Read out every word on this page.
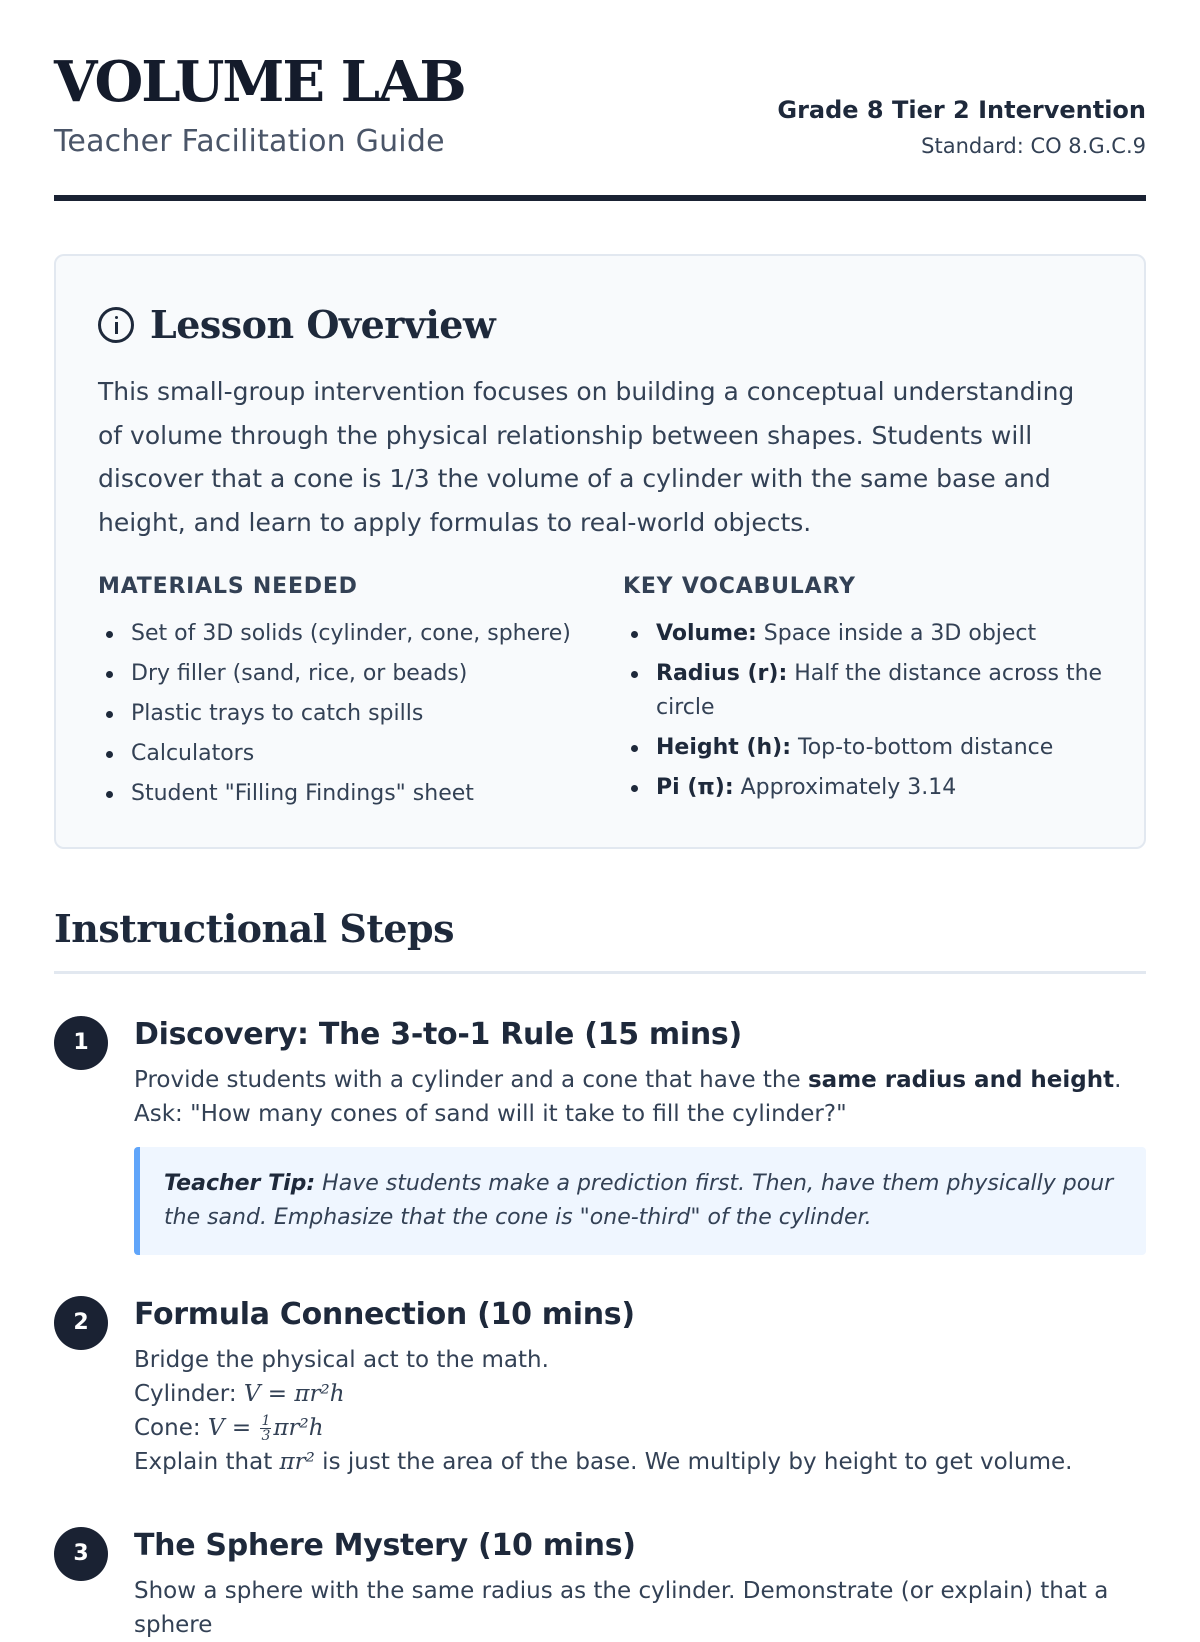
VOLUME LAB
Teacher Facilitation Guide
Grade 8 Tier 2 Intervention
Standard: CO 8.G.C.9
Lesson Overview

This small-group intervention focuses on building a conceptual understanding of volume through the physical relationship between shapes. Students will discover that a cone is 1/3 the volume of a cylinder with the same base and height, and learn to apply formulas to real-world objects.

MATERIALS NEEDED
Set of 3D solids (cylinder, cone, sphere)
Dry filler (sand, rice, or beads)
Plastic trays to catch spills
Calculators
Student "Filling Findings" sheet
KEY VOCABULARY
Volume: Space inside a 3D object
Radius (r): Half the distance across the circle
Height (h): Top-to-bottom distance
Pi (π): Approximately 3.14
Instructional Steps
1	Discovery: The 3-to-1 Rule (15 mins)

Provide students with a cylinder and a cone that have the same radius and height. Ask: "How many cones of sand will it take to fill the cylinder?"

Teacher Tip: Have students make a prediction first. Then, have them physically pour the sand. Emphasize that the cone is "one-third" of the cylinder.
2	Formula Connection (10 mins)
Bridge the physical act to the math.
Cylinder: V = πr²h
Cone: $V = \frac{1}{3} \pi r^2h$
Explain that πr² is just the area of the base. We multiply by height to get volume.
3	The Sphere Mystery (10 mins)

Show a sphere with the same radius as the cylinder. Demonstrate (or explain) that a sphere
